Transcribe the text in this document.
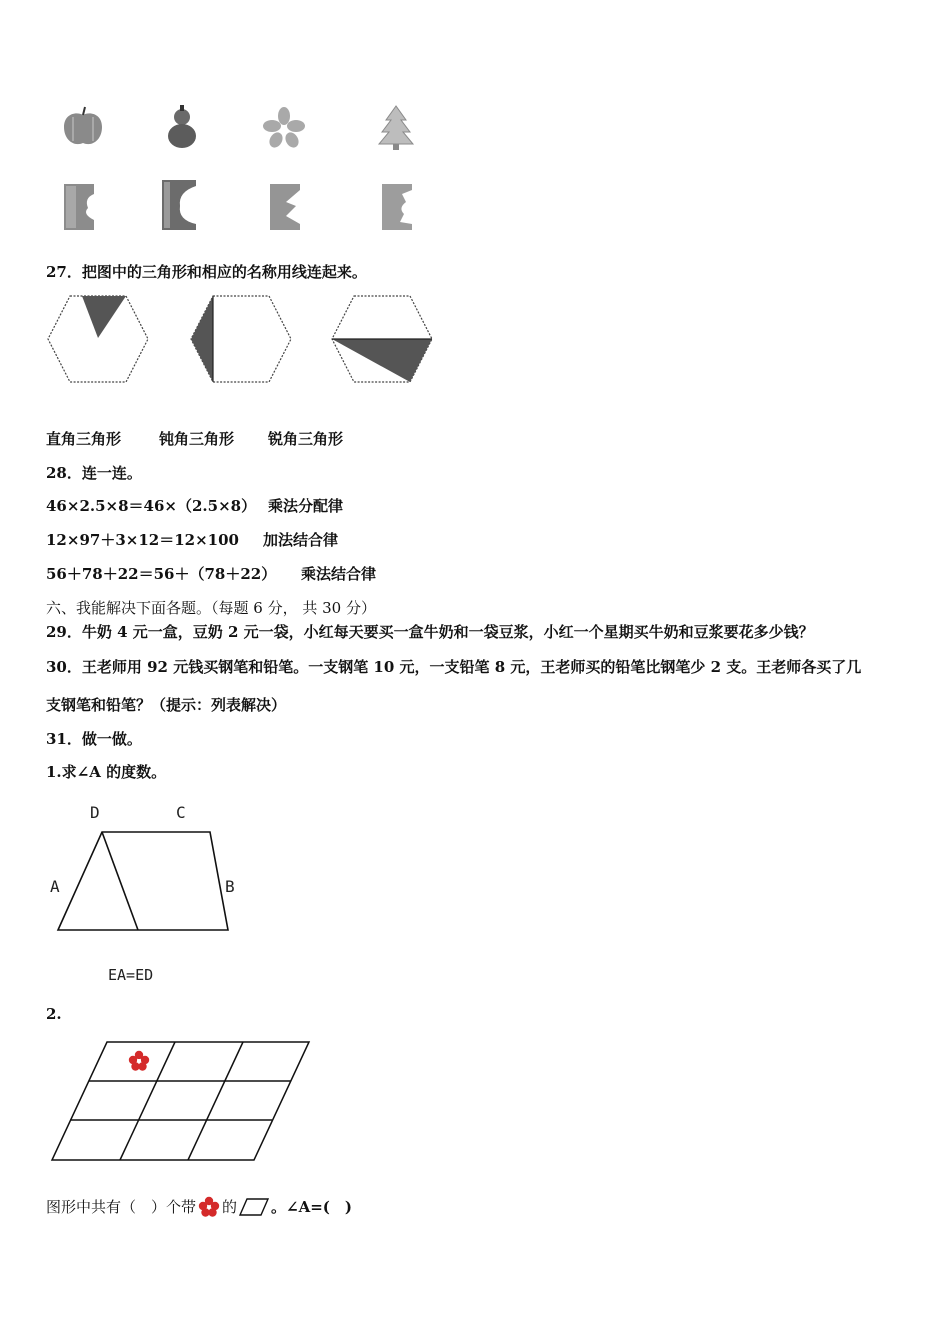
27．把图中的三角形和相应的名称用线连起来。
直角三角形	钝角三角形 锐角三角形
28．连一连。
46×2.5×8＝46×（2.5×8） 乘法分配律
12×97＋3×12＝12×100 加法结合律
56＋78＋22＝56＋（78＋22） 乘法结合律
六、我能解决下面各题。（每题 6 分， 共 30 分）
29．牛奶 4 元一盒，豆奶 2 元一袋，小红每天要买一盒牛奶和一袋豆浆，小红一个星期买牛奶和豆浆要花多少钱？
30．王老师用 92 元钱买钢笔和铅笔。一支钢笔 10 元，一支铅笔 8 元，王老师买的铅笔比钢笔少 2 支。王老师各买了几
支钢笔和铅笔？（提示：列表解决）
31．做一做。
1.求∠A 的度数。
D	C
A	B
EA=ED
2.
图形中共有（　）个带 的 。∠A=(　)
